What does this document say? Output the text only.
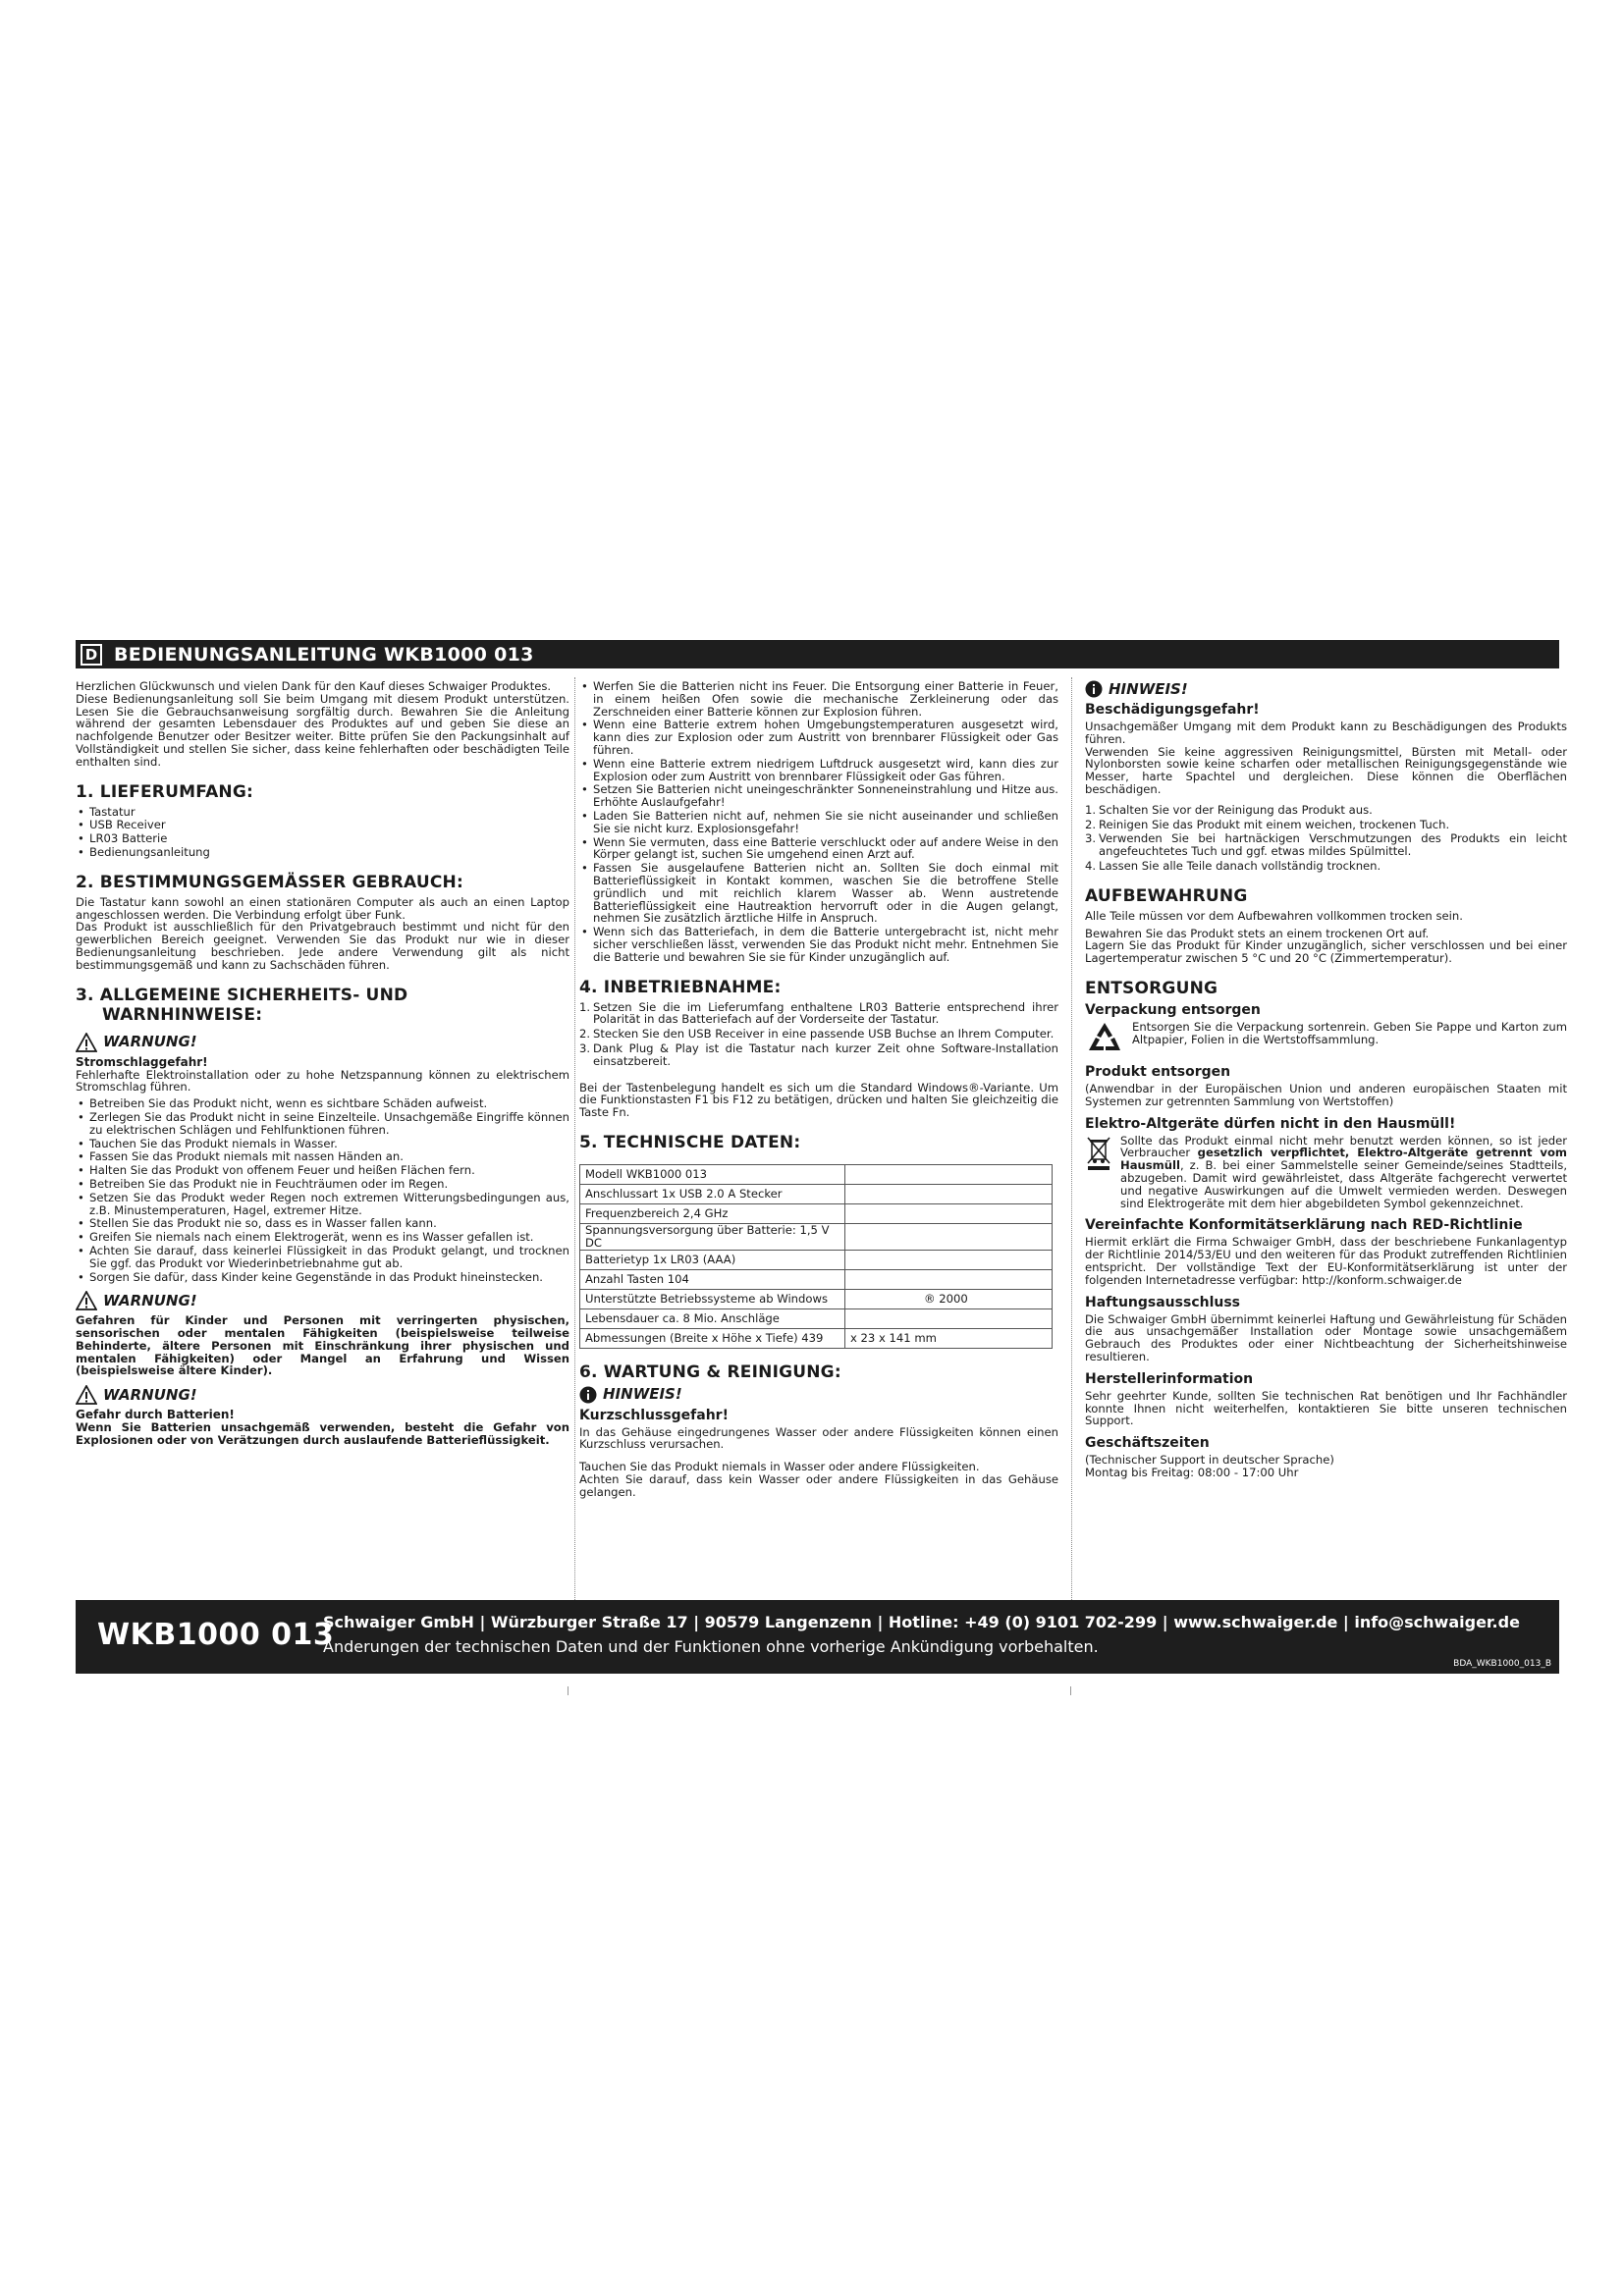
D BEDIENUNGSANLEITUNG WKB1000 013

Herzlichen Glückwunsch und vielen Dank für den Kauf dieses Schwaiger Produktes.

Diese Bedienungsanleitung soll Sie beim Umgang mit diesem Produkt unterstützen. Lesen Sie die Gebrauchsanweisung sorgfältig durch. Bewahren Sie die Anleitung während der gesamten Lebensdauer des Produktes auf und geben Sie diese an nachfolgende Benutzer oder Besitzer weiter. Bitte prüfen Sie den Packungsinhalt auf Vollständigkeit und stellen Sie sicher, dass keine fehlerhaften oder beschädigten Teile enthalten sind.

1. LIEFERUMFANG:
• Tastatur
• USB Receiver
• LR03 Batterie
• Bedienungsanleitung
2. BESTIMMUNGSGEMÄSSER GEBRAUCH:

Die Tastatur kann sowohl an einen stationären Computer als auch an einen Laptop angeschlossen werden. Die Verbindung erfolgt über Funk.

Das Produkt ist ausschließlich für den Privatgebrauch bestimmt und nicht für den gewerblichen Bereich geeignet. Verwenden Sie das Produkt nur wie in dieser Bedienungsanleitung beschrieben. Jede andere Verwendung gilt als nicht bestimmungsgemäß und kann zu Sachschäden führen.

3. ALLGEMEINE SICHERHEITS- UND
WARNHINWEISE:
WARNUNG!
Stromschlaggefahr!

Fehlerhafte Elektroinstallation oder zu hohe Netzspannung können zu elektrischem Stromschlag führen.

• Betreiben Sie das Produkt nicht, wenn es sichtbare Schäden aufweist.
• Zerlegen Sie das Produkt nicht in seine Einzelteile. Unsachgemäße Eingriffe können zu elektrischen Schlägen und Fehlfunktionen führen.
• Tauchen Sie das Produkt niemals in Wasser.
• Fassen Sie das Produkt niemals mit nassen Händen an.
• Halten Sie das Produkt von offenem Feuer und heißen Flächen fern.
• Betreiben Sie das Produkt nie in Feuchträumen oder im Regen.
• Setzen Sie das Produkt weder Regen noch extremen Witterungsbedingungen aus, z.B. Minustemperaturen, Hagel, extremer Hitze.
• Stellen Sie das Produkt nie so, dass es in Wasser fallen kann.
• Greifen Sie niemals nach einem Elektrogerät, wenn es ins Wasser gefallen ist.
• Achten Sie darauf, dass keinerlei Flüssigkeit in das Produkt gelangt, und trocknen Sie ggf. das Produkt vor Wiederinbetriebnahme gut ab.
• Sorgen Sie dafür, dass Kinder keine Gegenstände in das Produkt hineinstecken.
WARNUNG!

Gefahren für Kinder und Personen mit verringerten physischen, sensorischen oder mentalen Fähigkeiten (beispielsweise teilweise Behinderte, ältere Personen mit Einschränkung ihrer physischen und mentalen Fähigkeiten) oder Mangel an Erfahrung und Wissen (beispielsweise ältere Kinder).

WARNUNG!
Gefahr durch Batterien!

Wenn Sie Batterien unsachgemäß verwenden, besteht die Gefahr von Explosionen oder von Verätzungen durch auslaufende Batterieflüssigkeit.

• Werfen Sie die Batterien nicht ins Feuer. Die Entsorgung einer Batterie in Feuer, in einem heißen Ofen sowie die mechanische Zerkleinerung oder das Zerschneiden einer Batterie können zur Explosion führen.
• Wenn eine Batterie extrem hohen Umgebungstemperaturen ausgesetzt wird, kann dies zur Explosion oder zum Austritt von brennbarer Flüssigkeit oder Gas führen.
• Wenn eine Batterie extrem niedrigem Luftdruck ausgesetzt wird, kann dies zur Explosion oder zum Austritt von brennbarer Flüssigkeit oder Gas führen.
• Setzen Sie Batterien nicht uneingeschränkter Sonneneinstrahlung und Hitze aus. Erhöhte Auslaufgefahr!
• Laden Sie Batterien nicht auf, nehmen Sie sie nicht auseinander und schließen Sie sie nicht kurz. Explosionsgefahr!
• Wenn Sie vermuten, dass eine Batterie verschluckt oder auf andere Weise in den Körper gelangt ist, suchen Sie umgehend einen Arzt auf.
• Fassen Sie ausgelaufene Batterien nicht an. Sollten Sie doch einmal mit Batterieflüssigkeit in Kontakt kommen, waschen Sie die betroffene Stelle gründlich und mit reichlich klarem Wasser ab. Wenn austretende Batterieflüssigkeit eine Hautreaktion hervorruft oder in die Augen gelangt, nehmen Sie zusätzlich ärztliche Hilfe in Anspruch.
• Wenn sich das Batteriefach, in dem die Batterie untergebracht ist, nicht mehr sicher verschließen lässt, verwenden Sie das Produkt nicht mehr. Entnehmen Sie die Batterie und bewahren Sie sie für Kinder unzugänglich auf.
4. INBETRIEBNAHME:
1. Setzen Sie die im Lieferumfang enthaltene LR03 Batterie entsprechend ihrer Polarität in das Batteriefach auf der Vorderseite der Tastatur.
2. Stecken Sie den USB Receiver in eine passende USB Buchse an Ihrem Computer.
3. Dank Plug & Play ist die Tastatur nach kurzer Zeit ohne Software-Installation einsatzbereit.

Bei der Tastenbelegung handelt es sich um die Standard Windows®-Variante. Um die Funktionstasten F1 bis F12 zu betätigen, drücken und halten Sie gleichzeitig die Taste Fn.

5. TECHNISCHE DATEN:
Modell WKB1000 013	
Anschlussart 1x USB 2.0 A Stecker	
Frequenzbereich 2,4 GHz	
Spannungsversorgung über Batterie: 1,5 V DC	
Batterietyp 1x LR03 (AAA)	
Anzahl Tasten 104	
Unterstützte Betriebssysteme ab Windows	® 2000
Lebensdauer ca. 8 Mio. Anschläge	
Abmessungen (Breite x Höhe x Tiefe) 439	x 23 x 141 mm
6. WARTUNG & REINIGUNG:
HINWEIS!
Kurzschlussgefahr!

In das Gehäuse eingedrungenes Wasser oder andere Flüssigkeiten können einen Kurzschluss verursachen.

Tauchen Sie das Produkt niemals in Wasser oder andere Flüssigkeiten.

Achten Sie darauf, dass kein Wasser oder andere Flüssigkeiten in das Gehäuse gelangen.

HINWEIS!
Beschädigungsgefahr!

Unsachgemäßer Umgang mit dem Produkt kann zu Beschädigungen des Produkts führen.

Verwenden Sie keine aggressiven Reinigungsmittel, Bürsten mit Metall- oder Nylonborsten sowie keine scharfen oder metallischen Reinigungsgegenstände wie Messer, harte Spachtel und dergleichen. Diese können die Oberflächen beschädigen.

1. Schalten Sie vor der Reinigung das Produkt aus.
2. Reinigen Sie das Produkt mit einem weichen, trockenen Tuch.
3. Verwenden Sie bei hartnäckigen Verschmutzungen des Produkts ein leicht angefeuchtetes Tuch und ggf. etwas mildes Spülmittel.
4. Lassen Sie alle Teile danach vollständig trocknen.
AUFBEWAHRUNG

Alle Teile müssen vor dem Aufbewahren vollkommen trocken sein.

Bewahren Sie das Produkt stets an einem trockenen Ort auf.

Lagern Sie das Produkt für Kinder unzugänglich, sicher verschlossen und bei einer Lagertemperatur zwischen 5 °C und 20 °C (Zimmertemperatur).

ENTSORGUNG
Verpackung entsorgen

Entsorgen Sie die Verpackung sortenrein. Geben Sie Pappe und Karton zum Altpapier, Folien in die Wertstoffsammlung.

Produkt entsorgen

(Anwendbar in der Europäischen Union und anderen europäischen Staaten mit Systemen zur getrennten Sammlung von Wertstoffen)

Elektro-Altgeräte dürfen nicht in den Hausmüll!

Sollte das Produkt einmal nicht mehr benutzt werden können, so ist jeder Verbraucher gesetzlich verpflichtet, Elektro-Altgeräte getrennt vom Hausmüll, z. B. bei einer Sammelstelle seiner Gemeinde/seines Stadtteils, abzugeben. Damit wird gewährleistet, dass Altgeräte fachgerecht verwertet und negative Auswirkungen auf die Umwelt vermieden werden. Deswegen sind Elektrogeräte mit dem hier abgebildeten Symbol gekennzeichnet.

Vereinfachte Konformitätserklärung nach RED-Richtlinie

Hiermit erklärt die Firma Schwaiger GmbH, dass der beschriebene Funkanlagentyp der Richtlinie 2014/53/EU und den weiteren für das Produkt zutreffenden Richtlinien entspricht. Der vollständige Text der EU-Konformitätserklärung ist unter der folgenden Internetadresse verfügbar: http://konform.schwaiger.de

Haftungsausschluss

Die Schwaiger GmbH übernimmt keinerlei Haftung und Gewährleistung für Schäden die aus unsachgemäßer Installation oder Montage sowie unsachgemäßem Gebrauch des Produktes oder einer Nichtbeachtung der Sicherheitshinweise resultieren.

Herstellerinformation

Sehr geehrter Kunde, sollten Sie technischen Rat benötigen und Ihr Fachhändler konnte Ihnen nicht weiterhelfen, kontaktieren Sie bitte unseren technischen Support.

Geschäftszeiten

(Technischer Support in deutscher Sprache)

Montag bis Freitag: 08:00 - 17:00 Uhr

WKB1000 013
Schwaiger GmbH | Würzburger Straße 17 | 90579 Langenzenn | Hotline: +49 (0) 9101 702-299 | www.schwaiger.de | info@schwaiger.de
Änderungen der technischen Daten und der Funktionen ohne vorherige Ankündigung vorbehalten.
BDA_WKB1000_013_B
